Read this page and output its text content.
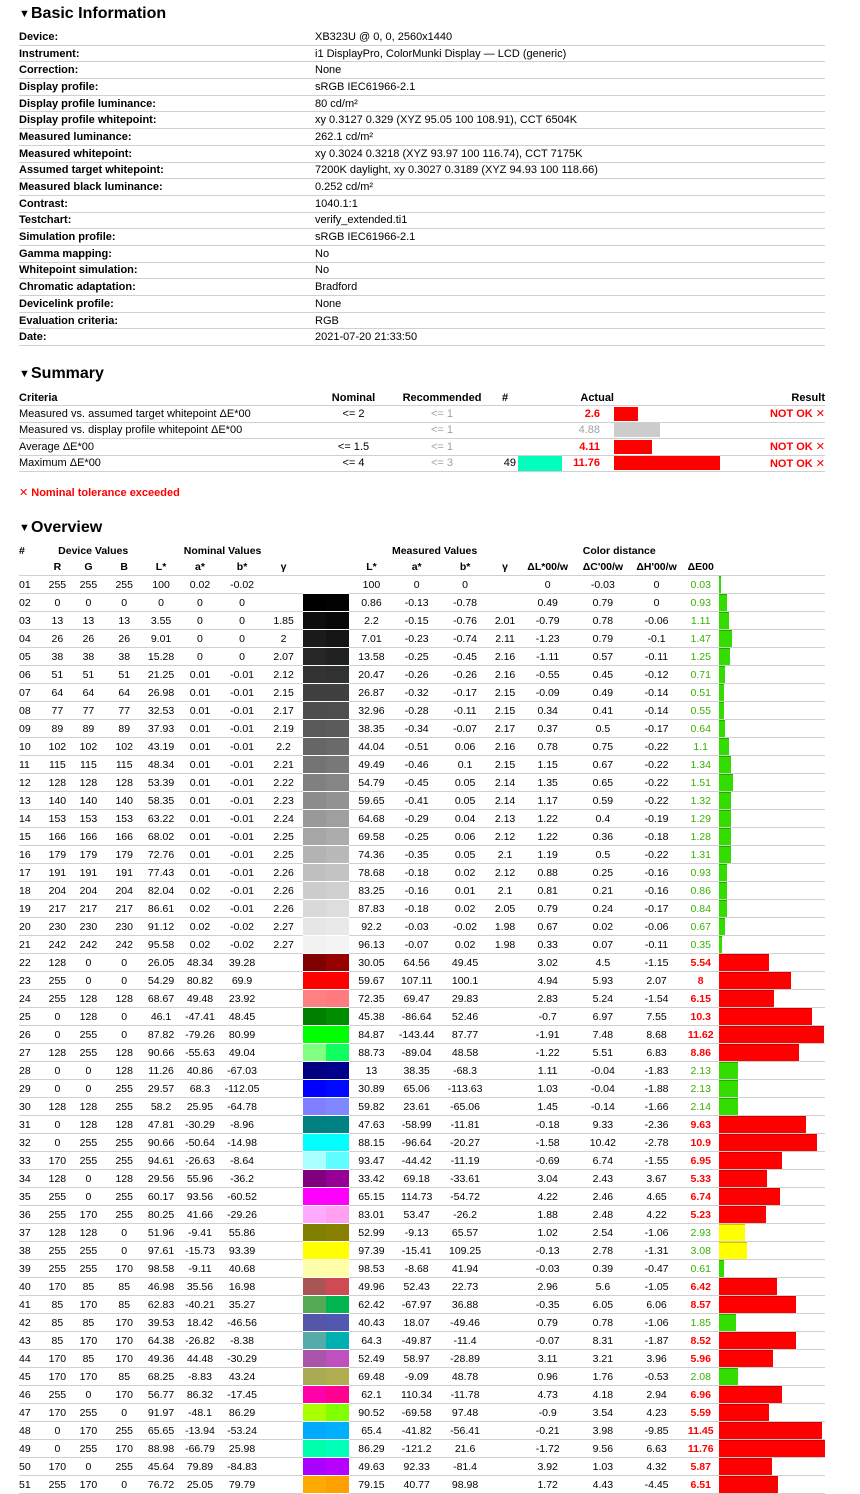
▼Basic Information
Device:	XB323U @ 0, 0, 2560x1440
Instrument:	i1 DisplayPro, ColorMunki Display — LCD (generic)
Correction:	None
Display profile:	sRGB IEC61966-2.1
Display profile luminance:	80 cd/m²
Display profile whitepoint:	xy 0.3127 0.329 (XYZ 95.05 100 108.91), CCT 6504K
Measured luminance:	262.1 cd/m²
Measured whitepoint:	xy 0.3024 0.3218 (XYZ 93.97 100 116.74), CCT 7175K
Assumed target whitepoint:	7200K daylight, xy 0.3027 0.3189 (XYZ 94.93 100 118.66)
Measured black luminance:	0.252 cd/m²
Contrast:	1040.1:1
Testchart:	verify_extended.ti1
Simulation profile:	sRGB IEC61966-2.1
Gamma mapping:	No
Whitepoint simulation:	No
Chromatic adaptation:	Bradford
Devicelink profile:	None
Evaluation criteria:	RGB
Date:	2021-07-20 21:33:50
▼Summary
Criteria	Nominal	Recommended	#	Actual		Result
Measured vs. assumed target whitepoint ΔE*00	<= 2	<= 1		2.6		NOT OK ✕
Measured vs. display profile whitepoint ΔE*00		<= 1		4.88		
Average ΔE*00	<= 1.5	<= 1		4.11		NOT OK ✕
Maximum ΔE*00	<= 4	<= 3	49	11.76		NOT OK ✕
✕ Nominal tolerance exceeded
▼Overview
#	Device Values			Nominal Values					Measured Values				Color distance				
	R	G	B	L*	a*	b*	γ		L*	a*	b*	γ	ΔL*00/w	ΔC'00/w	ΔH'00/w	ΔE00	
01	255	255	255	100	0.02	-0.02			100	0	0		0	-0.03	0	0.03	

02	0	0	0	0	0	0			0.86	-0.13	-0.78		0.49	0.79	0	0.93	

03	13	13	13	3.55	0	0	1.85		2.2	-0.15	-0.76	2.01	-0.79	0.78	-0.06	1.11	

04	26	26	26	9.01	0	0	2		7.01	-0.23	-0.74	2.11	-1.23	0.79	-0.1	1.47	

05	38	38	38	15.28	0	0	2.07		13.58	-0.25	-0.45	2.16	-1.11	0.57	-0.11	1.25	

06	51	51	51	21.25	0.01	-0.01	2.12		20.47	-0.26	-0.26	2.16	-0.55	0.45	-0.12	0.71	

07	64	64	64	26.98	0.01	-0.01	2.15		26.87	-0.32	-0.17	2.15	-0.09	0.49	-0.14	0.51	

08	77	77	77	32.53	0.01	-0.01	2.17		32.96	-0.28	-0.11	2.15	0.34	0.41	-0.14	0.55	

09	89	89	89	37.93	0.01	-0.01	2.19		38.35	-0.34	-0.07	2.17	0.37	0.5	-0.17	0.64	

10	102	102	102	43.19	0.01	-0.01	2.2		44.04	-0.51	0.06	2.16	0.78	0.75	-0.22	1.1	

11	115	115	115	48.34	0.01	-0.01	2.21		49.49	-0.46	0.1	2.15	1.15	0.67	-0.22	1.34	

12	128	128	128	53.39	0.01	-0.01	2.22		54.79	-0.45	0.05	2.14	1.35	0.65	-0.22	1.51	

13	140	140	140	58.35	0.01	-0.01	2.23		59.65	-0.41	0.05	2.14	1.17	0.59	-0.22	1.32	

14	153	153	153	63.22	0.01	-0.01	2.24		64.68	-0.29	0.04	2.13	1.22	0.4	-0.19	1.29	

15	166	166	166	68.02	0.01	-0.01	2.25		69.58	-0.25	0.06	2.12	1.22	0.36	-0.18	1.28	

16	179	179	179	72.76	0.01	-0.01	2.25		74.36	-0.35	0.05	2.1	1.19	0.5	-0.22	1.31	

17	191	191	191	77.43	0.01	-0.01	2.26		78.68	-0.18	0.02	2.12	0.88	0.25	-0.16	0.93	

18	204	204	204	82.04	0.02	-0.01	2.26		83.25	-0.16	0.01	2.1	0.81	0.21	-0.16	0.86	

19	217	217	217	86.61	0.02	-0.01	2.26		87.83	-0.18	0.02	2.05	0.79	0.24	-0.17	0.84	

20	230	230	230	91.12	0.02	-0.02	2.27		92.2	-0.03	-0.02	1.98	0.67	0.02	-0.06	0.67	

21	242	242	242	95.58	0.02	-0.02	2.27		96.13	-0.07	0.02	1.98	0.33	0.07	-0.11	0.35	

22	128	0	0	26.05	48.34	39.28			30.05	64.56	49.45		3.02	4.5	-1.15	5.54	

23	255	0	0	54.29	80.82	69.9			59.67	107.11	100.1		4.94	5.93	2.07	8	

24	255	128	128	68.67	49.48	23.92			72.35	69.47	29.83		2.83	5.24	-1.54	6.15	

25	0	128	0	46.1	-47.41	48.45			45.38	-86.64	52.46		-0.7	6.97	7.55	10.3	

26	0	255	0	87.82	-79.26	80.99			84.87	-143.44	87.77		-1.91	7.48	8.68	11.62	

27	128	255	128	90.66	-55.63	49.04			88.73	-89.04	48.58		-1.22	5.51	6.83	8.86	

28	0	0	128	11.26	40.86	-67.03			13	38.35	-68.3		1.11	-0.04	-1.83	2.13	

29	0	0	255	29.57	68.3	-112.05			30.89	65.06	-113.63		1.03	-0.04	-1.88	2.13	

30	128	128	255	58.2	25.95	-64.78			59.82	23.61	-65.06		1.45	-0.14	-1.66	2.14	

31	0	128	128	47.81	-30.29	-8.96			47.63	-58.99	-11.81		-0.18	9.33	-2.36	9.63	

32	0	255	255	90.66	-50.64	-14.98			88.15	-96.64	-20.27		-1.58	10.42	-2.78	10.9	

33	170	255	255	94.61	-26.63	-8.64			93.47	-44.42	-11.19		-0.69	6.74	-1.55	6.95	

34	128	0	128	29.56	55.96	-36.2			33.42	69.18	-33.61		3.04	2.43	3.67	5.33	

35	255	0	255	60.17	93.56	-60.52			65.15	114.73	-54.72		4.22	2.46	4.65	6.74	

36	255	170	255	80.25	41.66	-29.26			83.01	53.47	-26.2		1.88	2.48	4.22	5.23	

37	128	128	0	51.96	-9.41	55.86			52.99	-9.13	65.57		1.02	2.54	-1.06	2.93	

38	255	255	0	97.61	-15.73	93.39			97.39	-15.41	109.25		-0.13	2.78	-1.31	3.08	

39	255	255	170	98.58	-9.11	40.68			98.53	-8.68	41.94		-0.03	0.39	-0.47	0.61	

40	170	85	85	46.98	35.56	16.98			49.96	52.43	22.73		2.96	5.6	-1.05	6.42	

41	85	170	85	62.83	-40.21	35.27			62.42	-67.97	36.88		-0.35	6.05	6.06	8.57	

42	85	85	170	39.53	18.42	-46.56			40.43	18.07	-49.46		0.79	0.78	-1.06	1.85	

43	85	170	170	64.38	-26.82	-8.38			64.3	-49.87	-11.4		-0.07	8.31	-1.87	8.52	

44	170	85	170	49.36	44.48	-30.29			52.49	58.97	-28.89		3.11	3.21	3.96	5.96	

45	170	170	85	68.25	-8.83	43.24			69.48	-9.09	48.78		0.96	1.76	-0.53	2.08	

46	255	0	170	56.77	86.32	-17.45			62.1	110.34	-11.78		4.73	4.18	2.94	6.96	

47	170	255	0	91.97	-48.1	86.29			90.52	-69.58	97.48		-0.9	3.54	4.23	5.59	

48	0	170	255	65.65	-13.94	-53.24			65.4	-41.82	-56.41		-0.21	3.98	-9.85	11.45	

49	0	255	170	88.98	-66.79	25.98			86.29	-121.2	21.6		-1.72	9.56	6.63	11.76	

50	170	0	255	45.64	79.89	-84.83			49.63	92.33	-81.4		3.92	1.03	4.32	5.87	

51	255	170	0	76.72	25.05	79.79			79.15	40.77	98.98		1.72	4.43	-4.45	6.51	
